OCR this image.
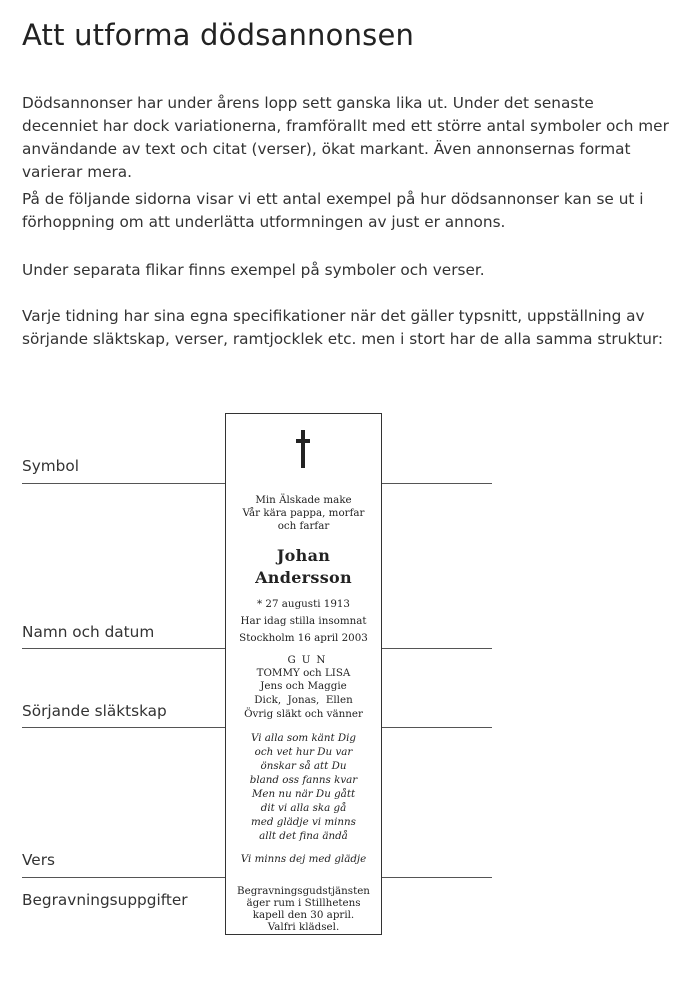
Att utforma dödsannonsen

Dödsannonser har under årens lopp sett ganska lika ut. Under det senaste decenniet har dock variationerna, framförallt med ett större antal symboler och mer användande av text och citat (verser), ökat markant. Även annonsernas format varierar mera.

På de följande sidorna visar vi ett antal exempel på hur dödsannonser kan se ut i förhoppning om att underlätta utformningen av just er annons.

Under separata flikar finns exempel på symboler och verser.

Varje tidning har sina egna specifikationer när det gäller typsnitt, uppställning av sörjande släktskap, verser, ramtjocklek etc. men i stort har de alla samma struktur:

Symbol
Namn och datum
Sörjande släktskap
Vers
Begravningsuppgifter
Min Älskade make
Vår kära pappa, morfar
och farfar
Johan
Andersson
* 27 augusti 1913
Har idag stilla insomnat
Stockholm 16 april 2003
GUN
TOMMY och LISA
Jens och Maggie
Dick,  Jonas,  Ellen
Övrig släkt och vänner
Vi alla som känt Dig
och vet hur Du var
önskar så att Du
bland oss fanns kvar
Men nu när Du gått
dit vi alla ska gå
med glädje vi minns
allt det fina ändå
Vi minns dej med glädje
Begravningsgudstjänsten
äger rum i Stillhetens
kapell den 30 april.
Valfri klädsel.
